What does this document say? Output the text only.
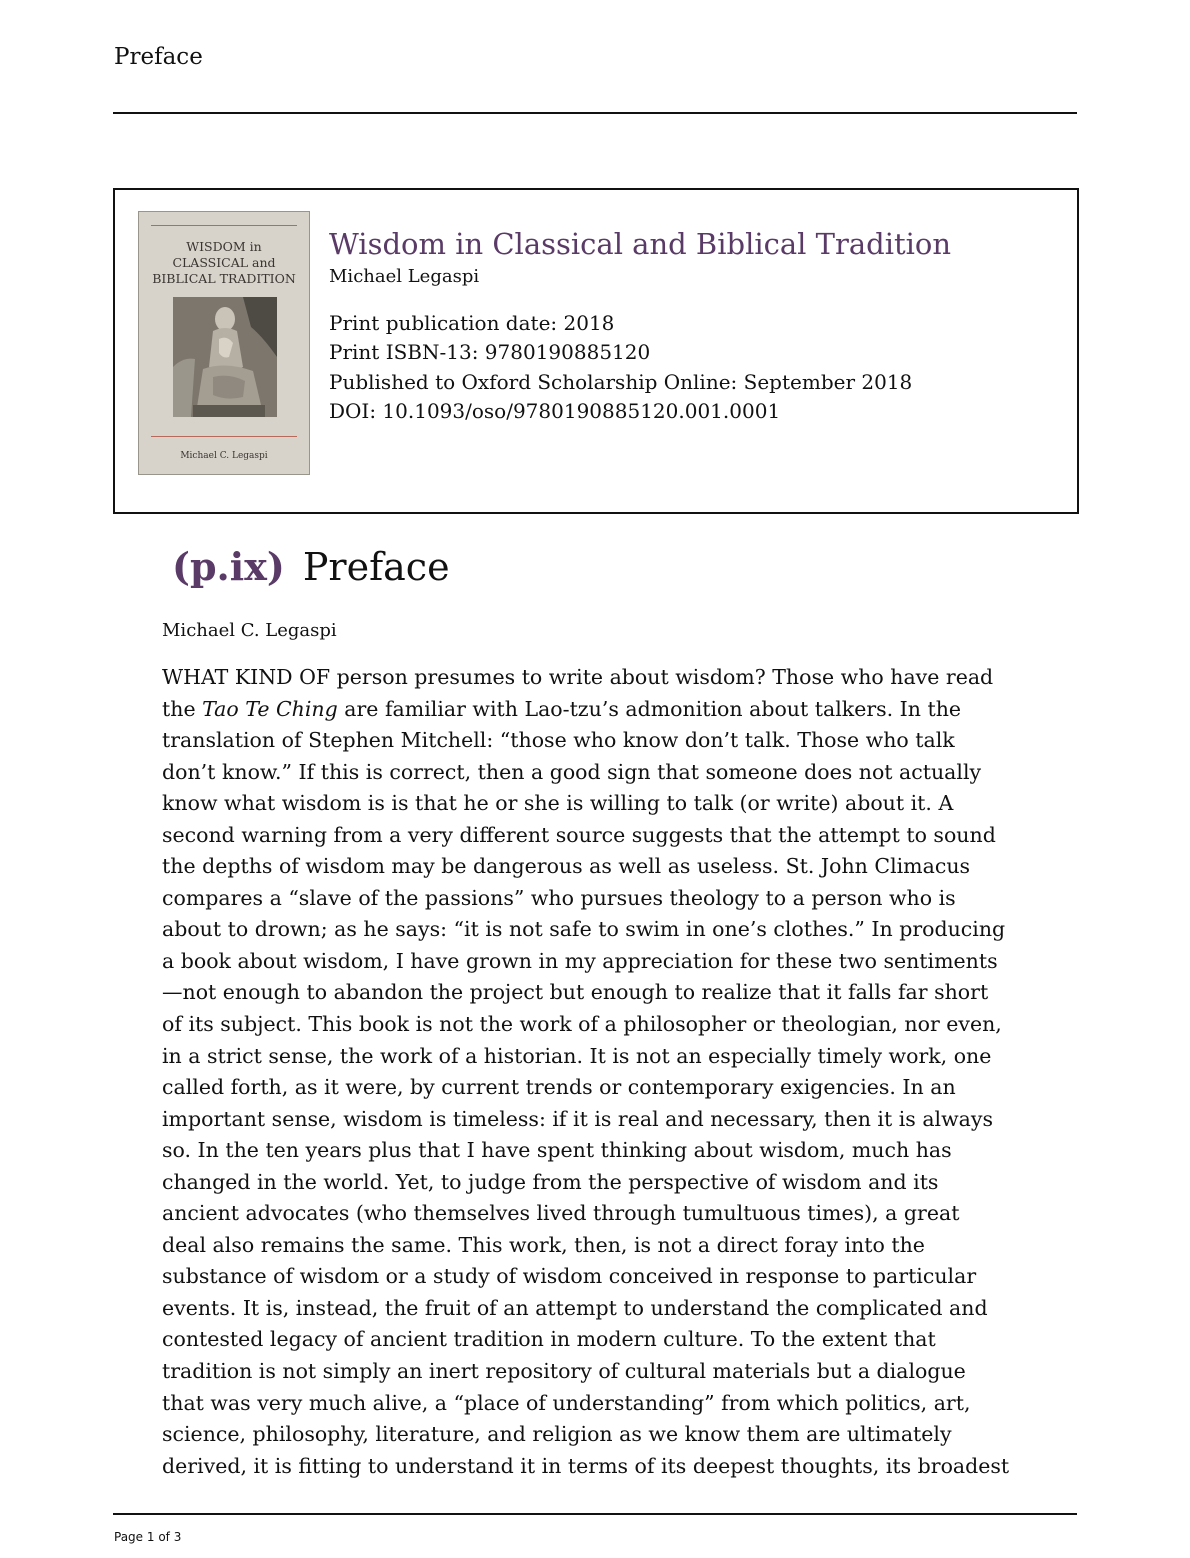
Preface
WISDOM in
CLASSICAL and
BIBLICAL TRADITION
Michael C. Legaspi
Wisdom in Classical and Biblical Tradition
Michael Legaspi
Print publication date: 2018
Print ISBN-13: 9780190885120
Published to Oxford Scholarship Online: September 2018
DOI: 10.1093/oso/9780190885120.001.0001
(p.ix) Preface
Michael C. Legaspi
WHAT KIND OF person presumes to write about wisdom? Those who have read
the Tao Te Ching are familiar with Lao-tzu’s admonition about talkers. In the
translation of Stephen Mitchell: “those who know don’t talk. Those who talk
don’t know.” If this is correct, then a good sign that someone does not actually
know what wisdom is is that he or she is willing to talk (or write) about it. A
second warning from a very different source suggests that the attempt to sound
the depths of wisdom may be dangerous as well as useless. St. John Climacus
compares a “slave of the passions” who pursues theology to a person who is
about to drown; as he says: “it is not safe to swim in one’s clothes.” In producing
a book about wisdom, I have grown in my appreciation for these two sentiments
—not enough to abandon the project but enough to realize that it falls far short
of its subject. This book is not the work of a philosopher or theologian, nor even,
in a strict sense, the work of a historian. It is not an especially timely work, one
called forth, as it were, by current trends or contemporary exigencies. In an
important sense, wisdom is timeless: if it is real and necessary, then it is always
so. In the ten years plus that I have spent thinking about wisdom, much has
changed in the world. Yet, to judge from the perspective of wisdom and its
ancient advocates (who themselves lived through tumultuous times), a great
deal also remains the same. This work, then, is not a direct foray into the
substance of wisdom or a study of wisdom conceived in response to particular
events. It is, instead, the fruit of an attempt to understand the complicated and
contested legacy of ancient tradition in modern culture. To the extent that
tradition is not simply an inert repository of cultural materials but a dialogue
that was very much alive, a “place of understanding” from which politics, art,
science, philosophy, literature, and religion as we know them are ultimately
derived, it is fitting to understand it in terms of its deepest thoughts, its broadest
Page 1 of 3
